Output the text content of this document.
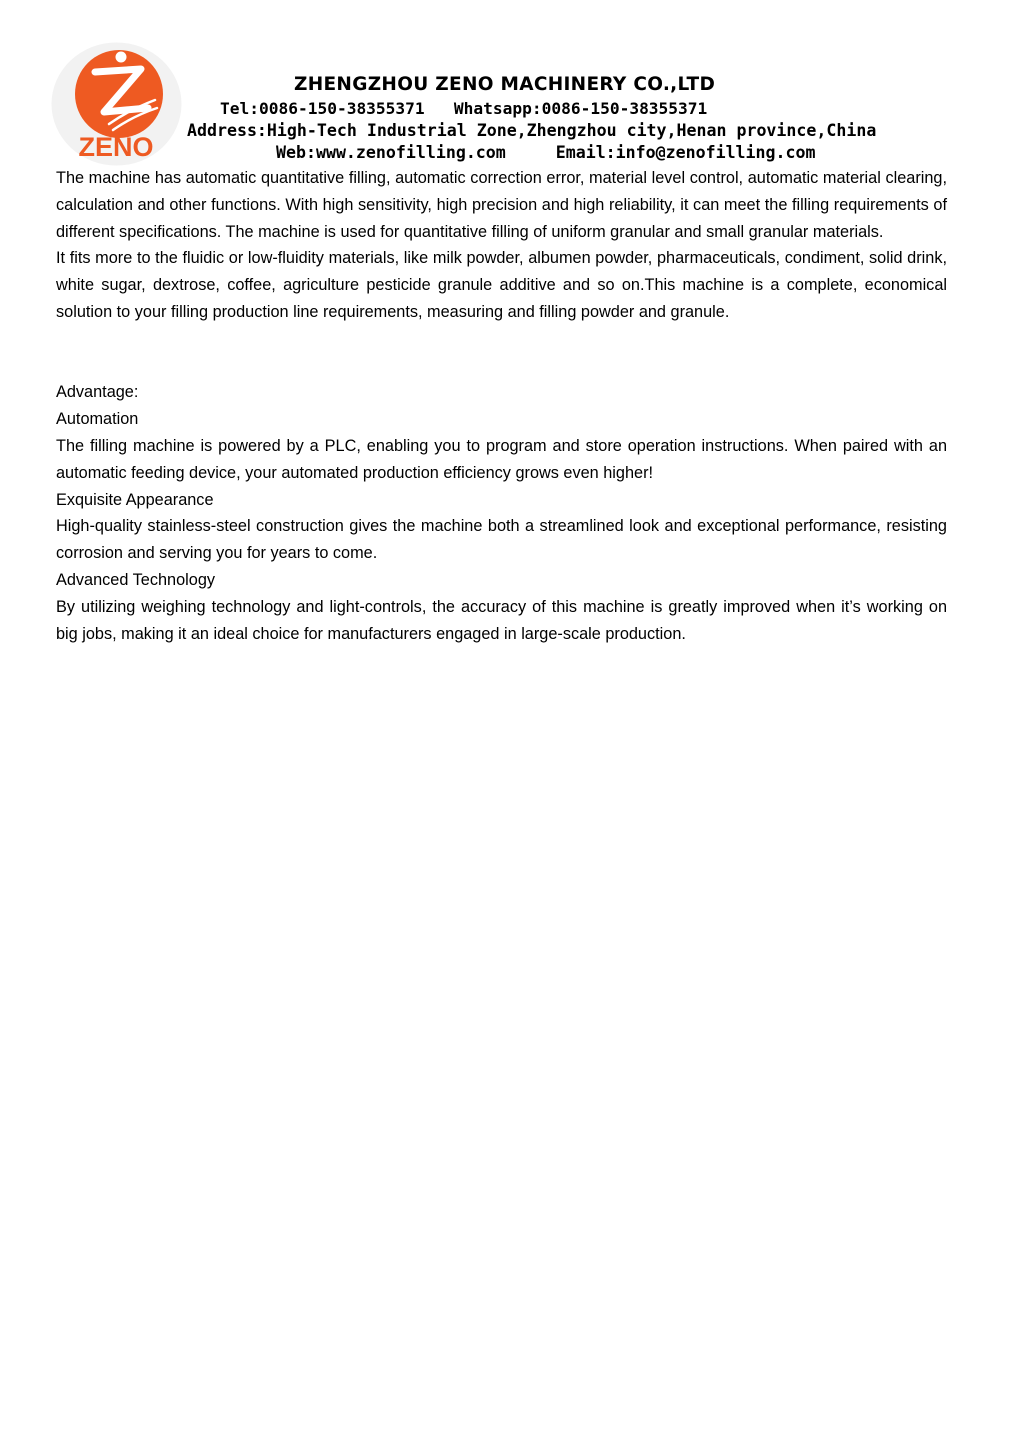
ZENO
ZHENGZHOU ZENO MACHINERY CO.,LTD
Tel:0086-150-38355371   Whatsapp:0086-150-38355371
Address:High-Tech Industrial Zone,Zhengzhou city,Henan province,China
Web:www.zenofilling.com     Email:info@zenofilling.com

The machine has automatic quantitative filling, automatic correction error, material level control, automatic material clearing, calculation and other functions. With high sensitivity, high precision and high reliability, it can meet the filling requirements of different specifications. The machine is used for quantitative filling of uniform granular and small granular materials.

It fits more to the fluidic or low-fluidity materials, like milk powder, albumen powder, pharmaceuticals, condiment, solid drink, white sugar, dextrose, coffee, agriculture pesticide granule additive and so on.This machine is a complete, economical solution to your filling production line requirements, measuring and filling powder and granule.

Advantage:

Automation

The filling machine is powered by a PLC, enabling you to program and store operation instructions. When paired with an automatic feeding device, your automated production efficiency grows even higher!

Exquisite Appearance

High-quality stainless-steel construction gives the machine both a streamlined look and exceptional performance, resisting corrosion and serving you for years to come.

Advanced Technology

By utilizing weighing technology and light-controls, the accuracy of this machine is greatly improved when it’s working on big jobs, making it an ideal choice for manufacturers engaged in large-scale production.
